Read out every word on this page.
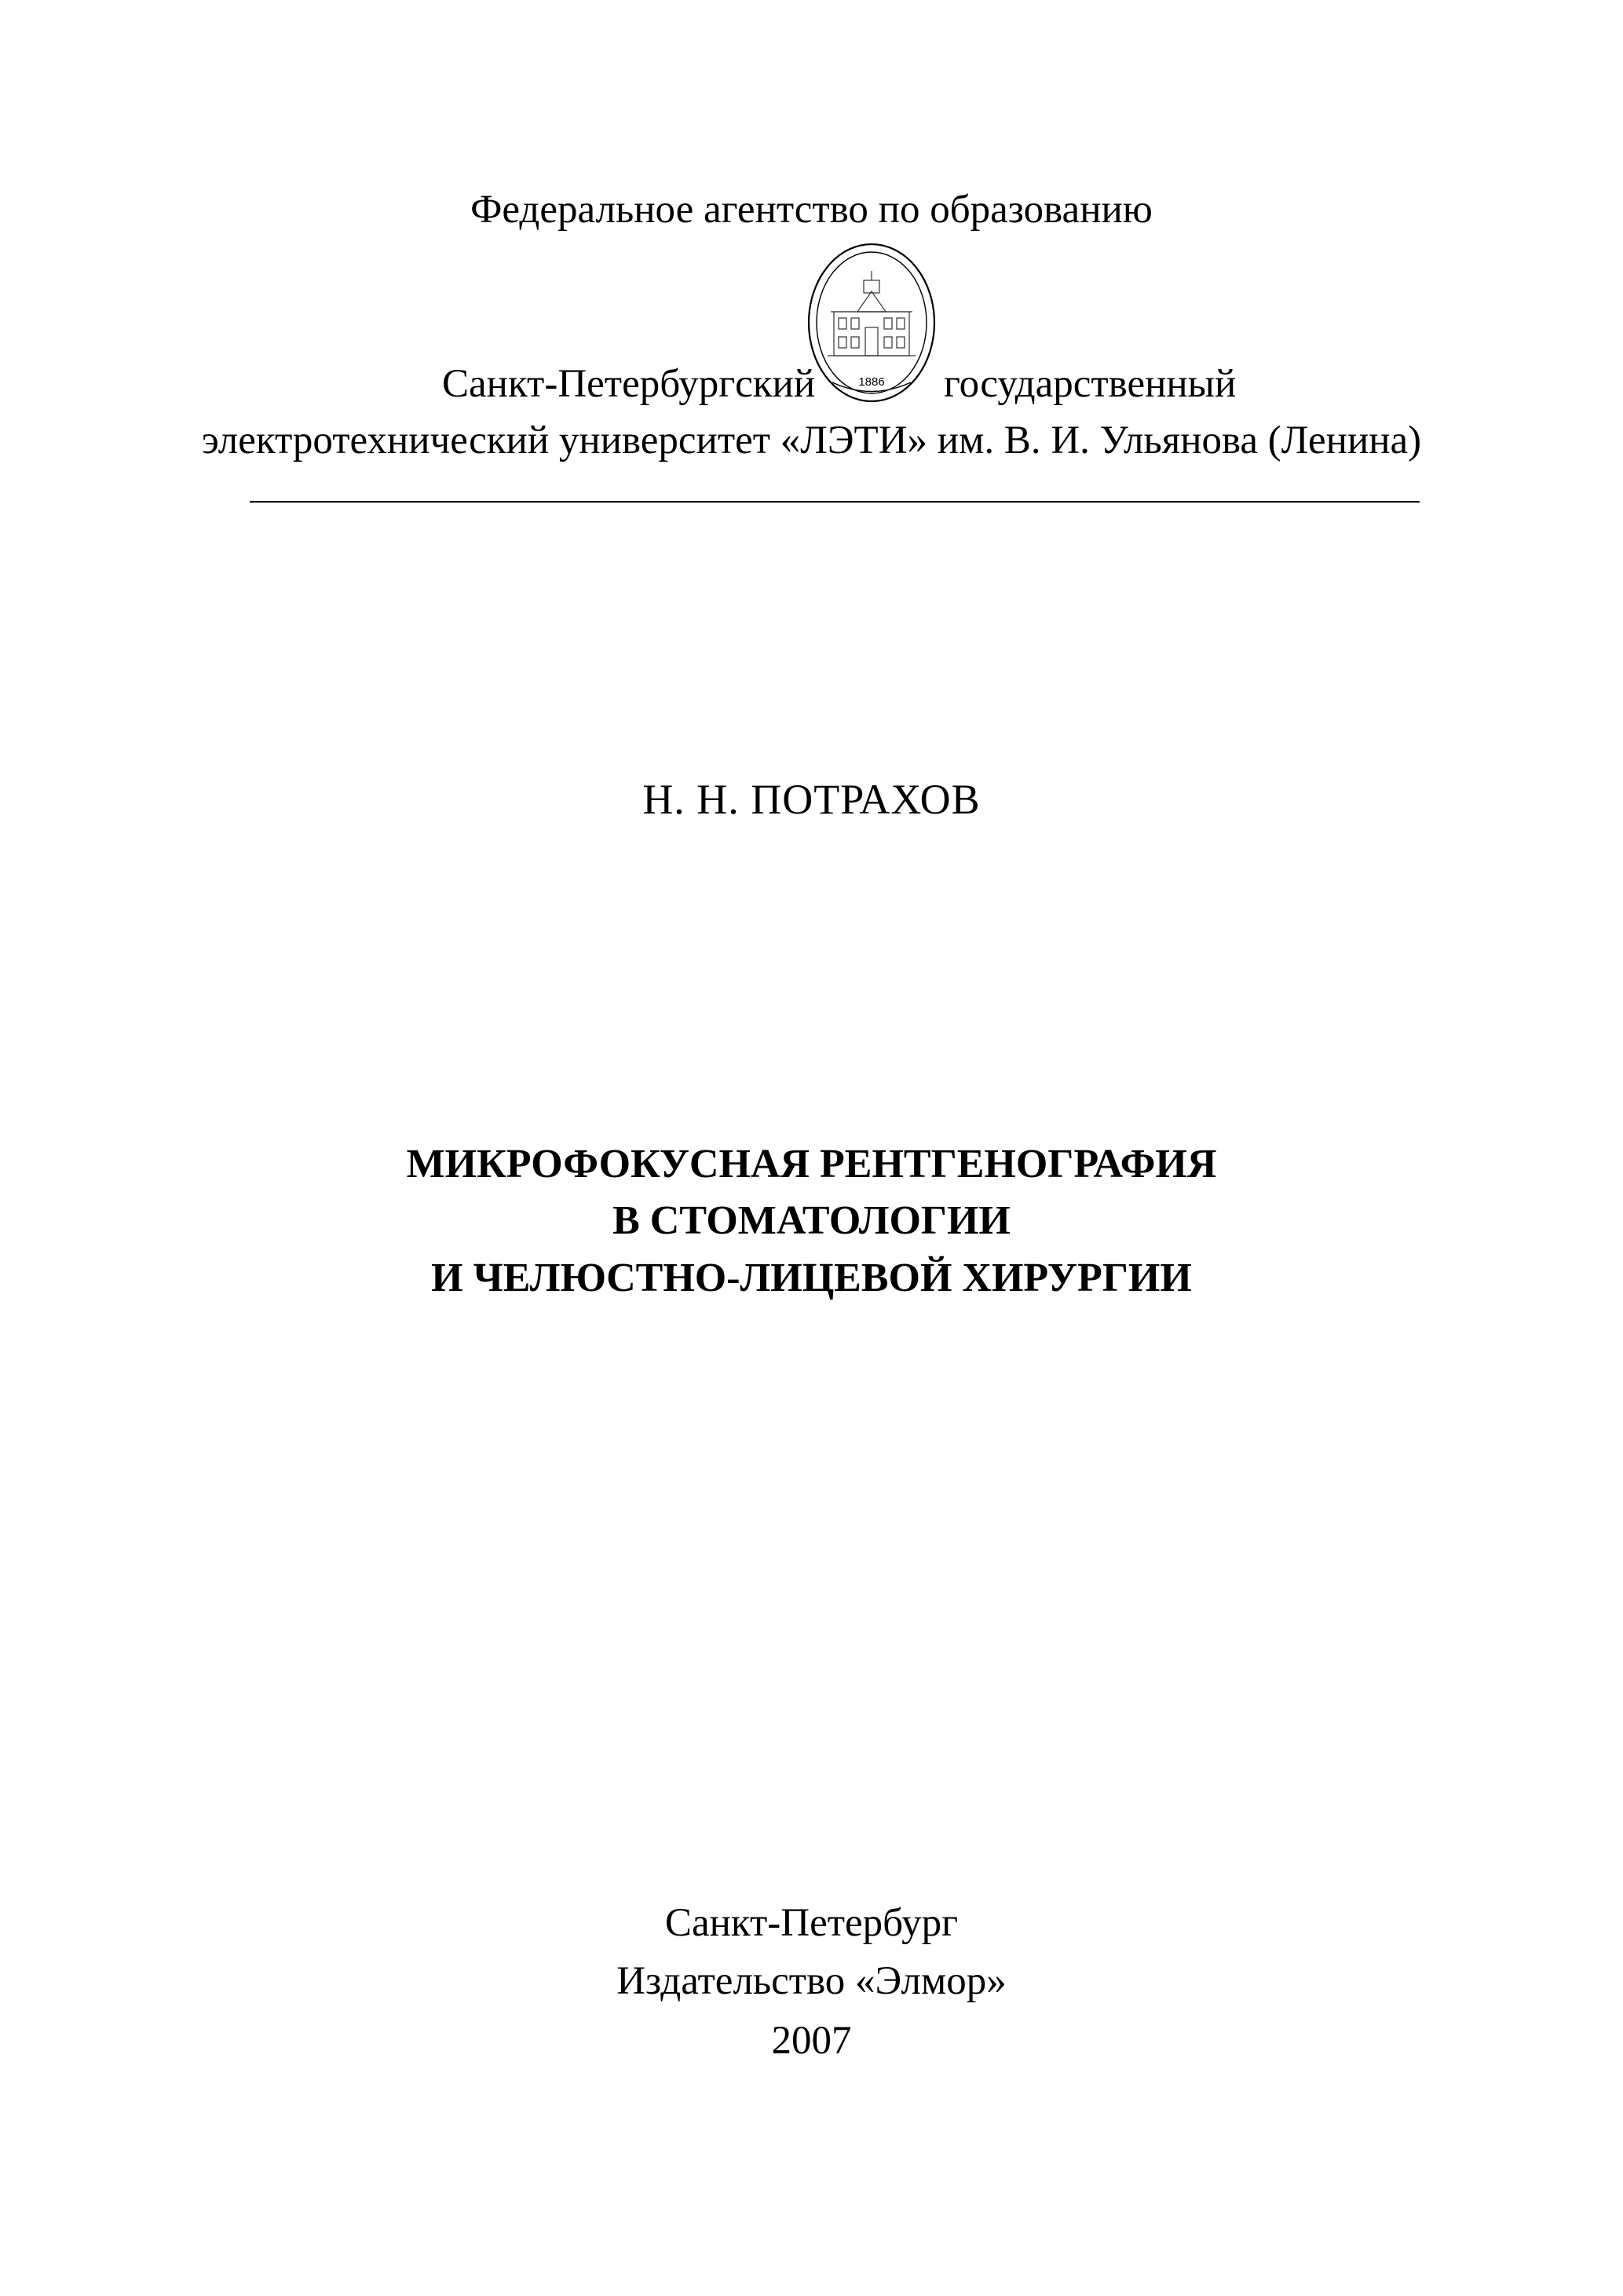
Федеральное агентство по образованию
1886
Санкт-Петербургский	государственный
электротехнический университет «ЛЭТИ» им. В. И. Ульянова (Ленина)
Н. Н. ПОТРАХОВ
МИКРОФОКУСНАЯ РЕНТГЕНОГРАФИЯ
В СТОМАТОЛОГИИ
И ЧЕЛЮСТНО-ЛИЦЕВОЙ ХИРУРГИИ
Санкт-Петербург
Издательство «Элмор»
2007
